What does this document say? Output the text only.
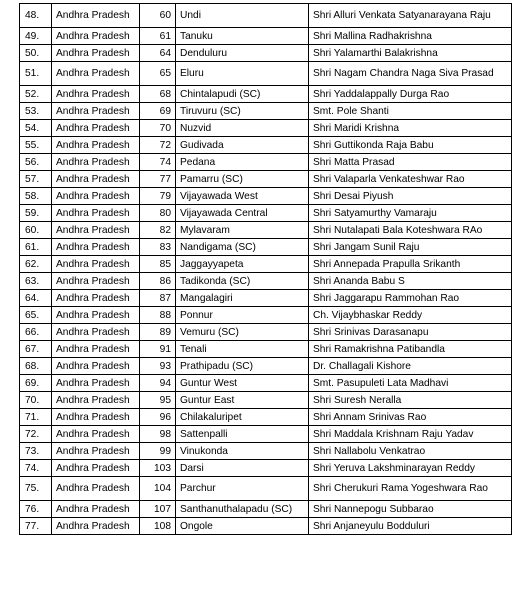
48.	Andhra Pradesh	60	Undi	Shri Alluri Venkata Satyanarayana Raju
49.	Andhra Pradesh	61	Tanuku	Shri Mallina Radhakrishna
50.	Andhra Pradesh	64	Denduluru	Shri Yalamarthi Balakrishna
51.	Andhra Pradesh	65	Eluru	Shri Nagam Chandra Naga Siva Prasad
52.	Andhra Pradesh	68	Chintalapudi (SC)	Shri Yaddalappally Durga Rao
53.	Andhra Pradesh	69	Tiruvuru (SC)	Smt. Pole Shanti
54.	Andhra Pradesh	70	Nuzvid	Shri Maridi Krishna
55.	Andhra Pradesh	72	Gudivada	Shri Guttikonda Raja Babu
56.	Andhra Pradesh	74	Pedana	Shri Matta Prasad
57.	Andhra Pradesh	77	Pamarru (SC)	Shri Valaparla Venkateshwar Rao
58.	Andhra Pradesh	79	Vijayawada West	Shri Desai Piyush
59.	Andhra Pradesh	80	Vijayawada Central	Shri Satyamurthy Vamaraju
60.	Andhra Pradesh	82	Mylavaram	Shri Nutalapati Bala Koteshwara RAo
61.	Andhra Pradesh	83	Nandigama (SC)	Shri Jangam Sunil Raju
62.	Andhra Pradesh	85	Jaggayyapeta	Shri Annepada Prapulla Srikanth
63.	Andhra Pradesh	86	Tadikonda (SC)	Shri Ananda Babu S
64.	Andhra Pradesh	87	Mangalagiri	Shri Jaggarapu Rammohan Rao
65.	Andhra Pradesh	88	Ponnur	Ch. Vijaybhaskar Reddy
66.	Andhra Pradesh	89	Vemuru (SC)	Shri Srinivas Darasanapu
67.	Andhra Pradesh	91	Tenali	Shri Ramakrishna Patibandla
68.	Andhra Pradesh	93	Prathipadu (SC)	Dr. Challagali Kishore
69.	Andhra Pradesh	94	Guntur West	Smt. Pasupuleti Lata Madhavi
70.	Andhra Pradesh	95	Guntur East	Shri Suresh Neralla
71.	Andhra Pradesh	96	Chilakaluripet	Shri Annam Srinivas Rao
72.	Andhra Pradesh	98	Sattenpalli	Shri Maddala Krishnam Raju Yadav
73.	Andhra Pradesh	99	Vinukonda	Shri Nallabolu Venkatrao
74.	Andhra Pradesh	103	Darsi	Shri Yeruva Lakshminarayan Reddy
75.	Andhra Pradesh	104	Parchur	Shri Cherukuri Rama Yogeshwara Rao
76.	Andhra Pradesh	107	Santhanuthalapadu (SC)	Shri Nannepogu Subbarao
77.	Andhra Pradesh	108	Ongole	Shri Anjaneyulu Bodduluri
